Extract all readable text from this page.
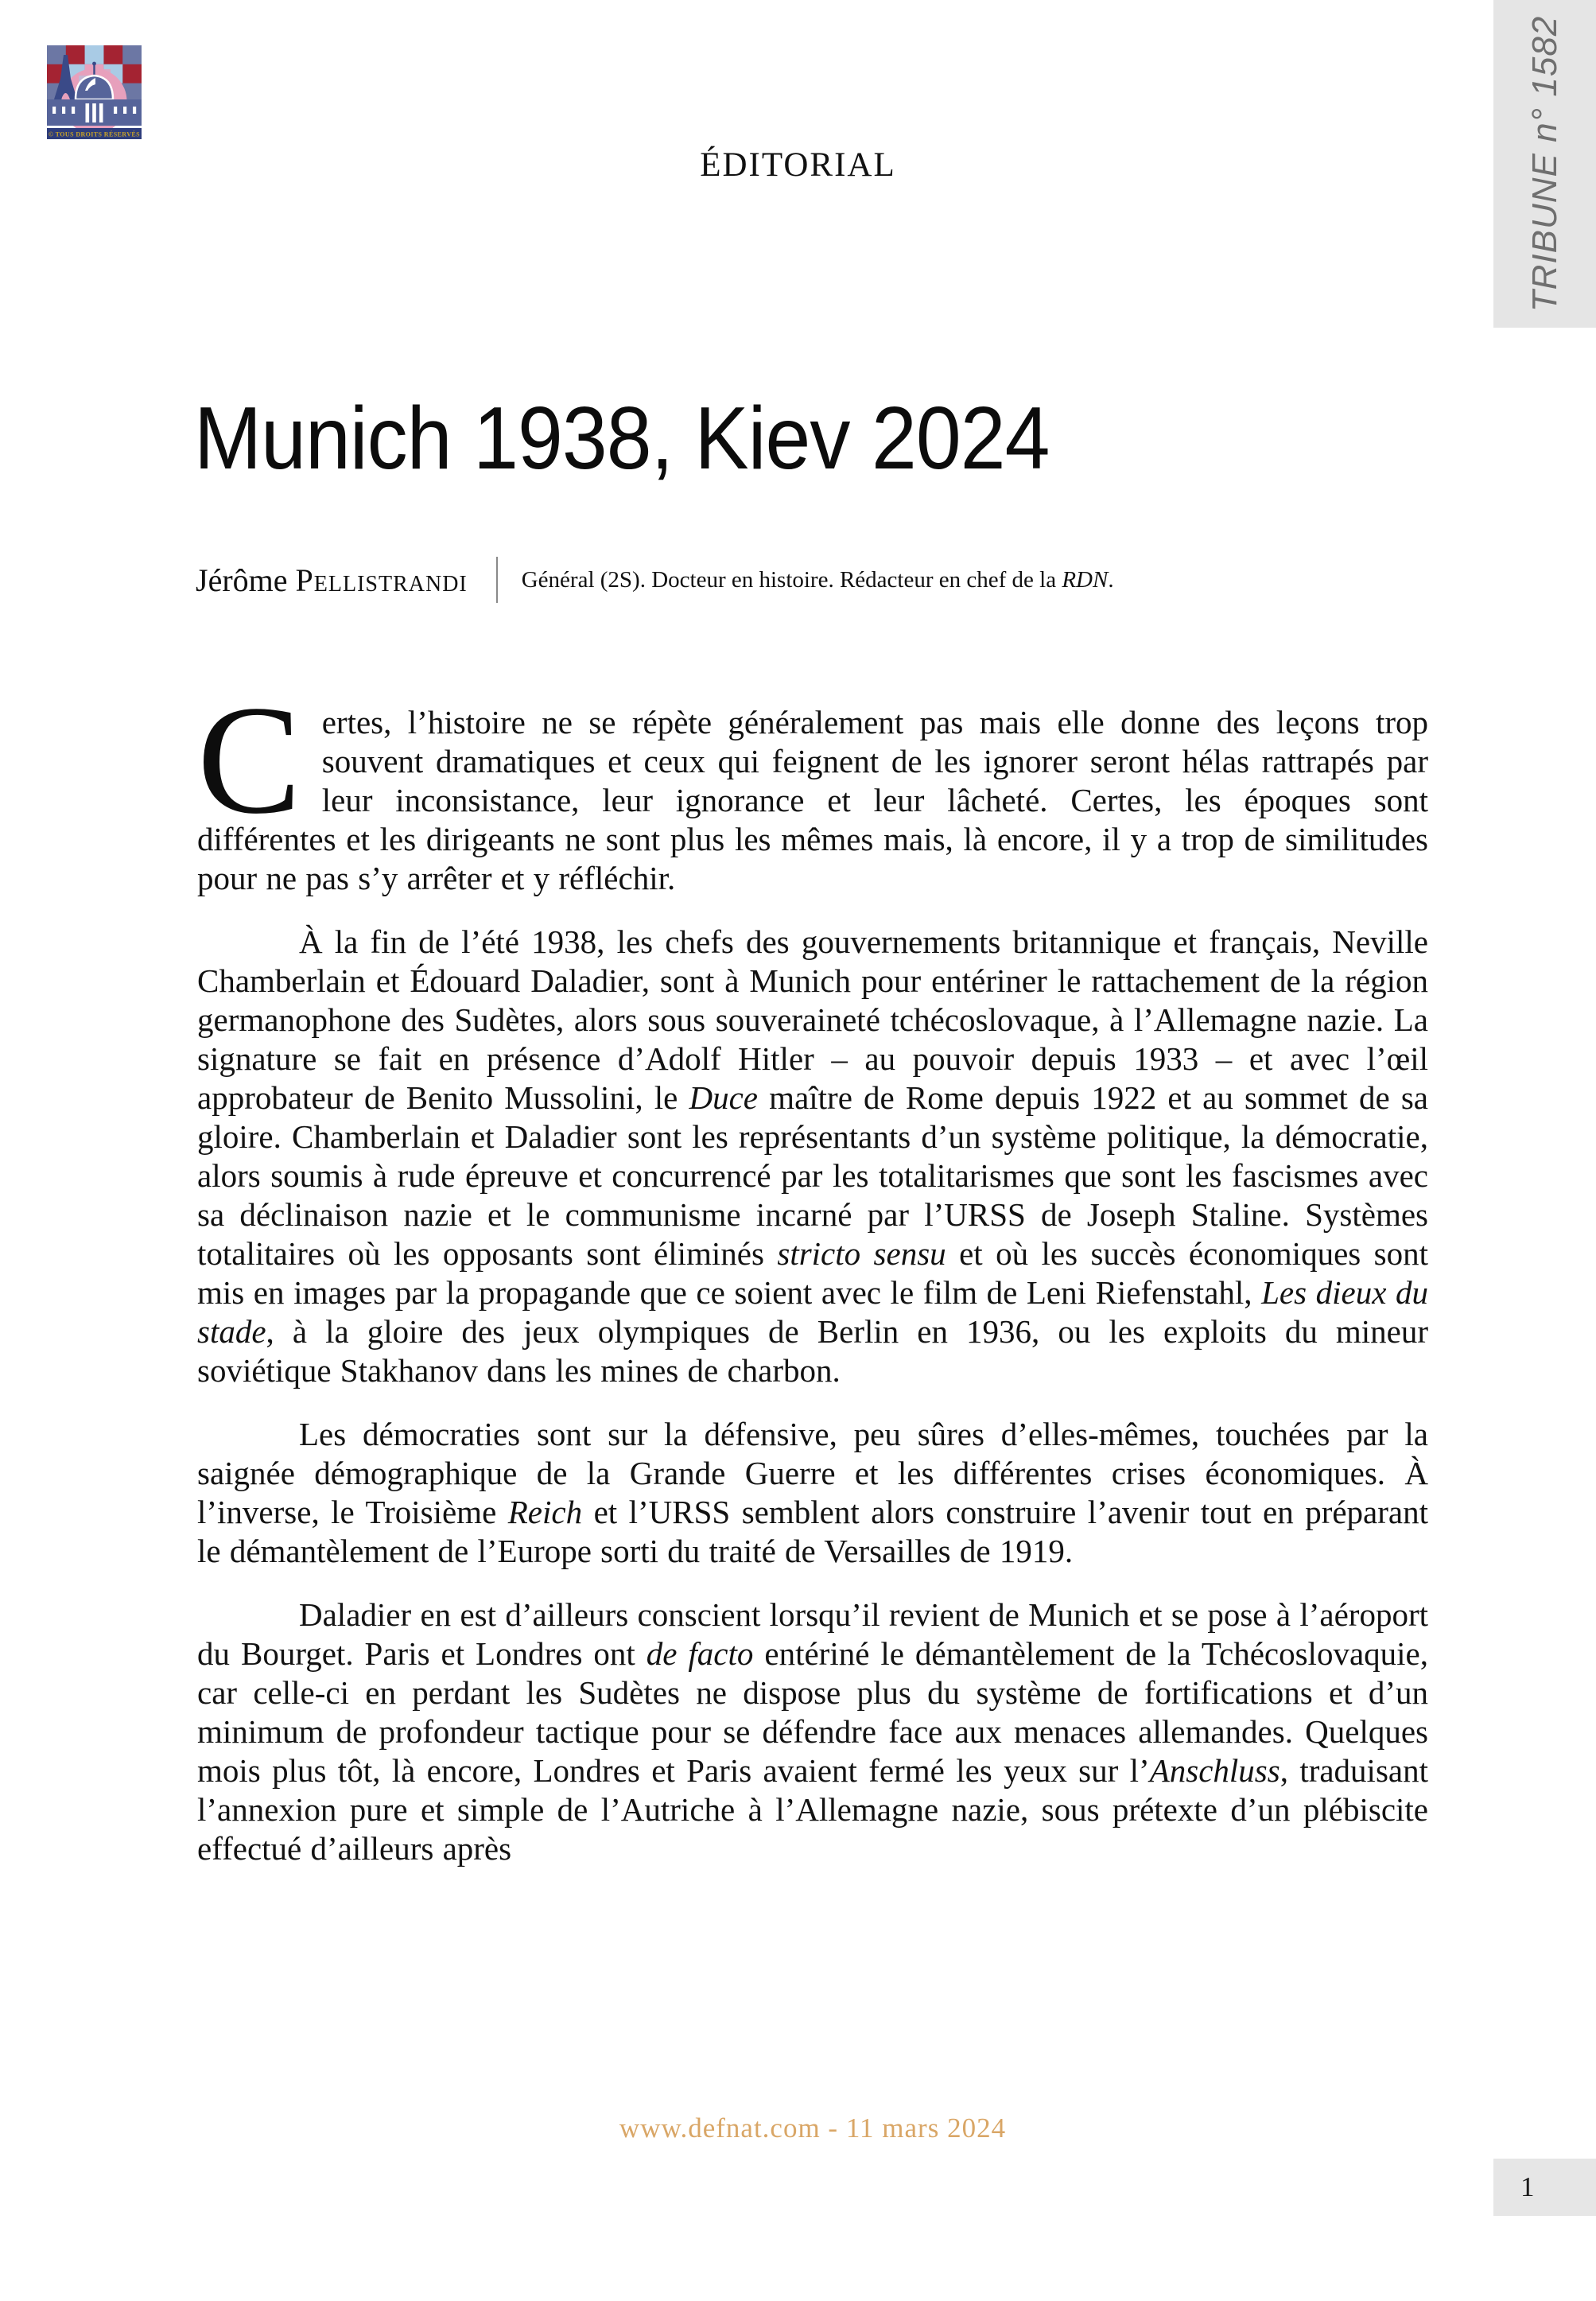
© TOUS DROITS RÉSERVÉS	TRIBUNE n° 1582
ÉDITORIAL
Munich 1938, Kiev 2024
Jérôme Pellistrandi Général (2S). Docteur en histoire. Rédacteur en chef de la RDN.

Certes, l’histoire ne se répète généralement pas mais elle donne des leçons trop souvent dramatiques et ceux qui feignent de les ignorer seront hélas rattrapés par leur inconsistance, leur ignorance et leur lâcheté. Certes, les époques sont différentes et les dirigeants ne sont plus les mêmes mais, là encore, il y a trop de similitudes pour ne pas s’y arrêter et y réfléchir.

À la fin de l’été 1938, les chefs des gouvernements britannique et français, Neville Chamberlain et Édouard Daladier, sont à Munich pour entériner le rattachement de la région germanophone des Sudètes, alors sous souveraineté tchécoslovaque, à l’Allemagne nazie. La signature se fait en présence d’Adolf Hitler – au pouvoir depuis 1933 – et avec l’œil approbateur de Benito Mussolini, le Duce maître de Rome depuis 1922 et au sommet de sa gloire. Chamberlain et Daladier sont les représentants d’un système politique, la démocratie, alors soumis à rude épreuve et concurrencé par les totalitarismes que sont les fascismes avec sa déclinaison nazie et le communisme incarné par l’URSS de Joseph Staline. Systèmes totalitaires où les opposants sont éliminés stricto sensu et où les succès économiques sont mis en images par la propagande que ce soient avec le film de Leni Riefenstahl, Les dieux du stade, à la gloire des jeux olympiques de Berlin en 1936, ou les exploits du mineur soviétique Stakhanov dans les mines de charbon.

Les démocraties sont sur la défensive, peu sûres d’elles-mêmes, touchées par la saignée démographique de la Grande Guerre et les différentes crises économiques. À l’inverse, le Troisième Reich et l’URSS semblent alors construire l’avenir tout en préparant le démantèlement de l’Europe sorti du traité de Versailles de 1919.

Daladier en est d’ailleurs conscient lorsqu’il revient de Munich et se pose à l’aéroport du Bourget. Paris et Londres ont de facto entériné le démantèlement de la Tchécoslovaquie, car celle-ci en perdant les Sudètes ne dispose plus du système de fortifications et d’un minimum de profondeur tactique pour se défendre face aux menaces allemandes. Quelques mois plus tôt, là encore, Londres et Paris avaient fermé les yeux sur l’Anschluss, traduisant l’annexion pure et simple de l’Autriche à l’Allemagne nazie, sous prétexte d’un plébiscite effectué d’ailleurs après

www.defnat.com - 11 mars 2024
1
